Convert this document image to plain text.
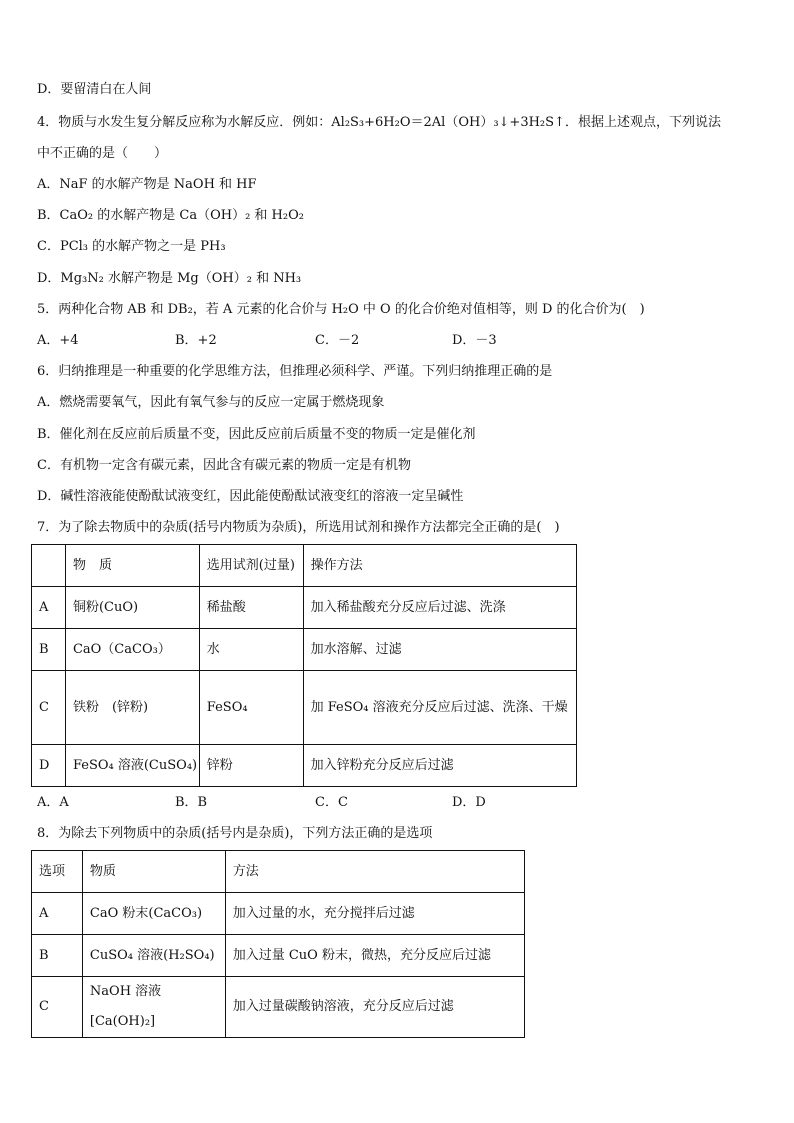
D．要留清白在人间
4．物质与水发生复分解反应称为水解反应．例如：Al₂S₃+6H₂O＝2Al（OH）₃↓+3H₂S↑．根据上述观点，下列说法
中不正确的是（　　）
A．NaF 的水解产物是 NaOH 和 HF
B．CaO₂ 的水解产物是 Ca（OH）₂ 和 H₂O₂
C．PCl₃ 的水解产物之一是 PH₃
D．Mg₃N₂ 水解产物是 Mg（OH）₂ 和 NH₃
5．两种化合物 AB 和 DB₂，若 A 元素的化合价与 H₂O 中 O 的化合价绝对值相等，则 D 的化合价为(　)
A．+4	B．+2	C．－2	D．－3
6．归纳推理是一种重要的化学思维方法，但推理必须科学、严谨。下列归纳推理正确的是
A．燃烧需要氧气，因此有氧气参与的反应一定属于燃烧现象
B．催化剂在反应前后质量不变，因此反应前后质量不变的物质一定是催化剂
C．有机物一定含有碳元素，因此含有碳元素的物质一定是有机物
D．碱性溶液能使酚酞试液变红，因此能使酚酞试液变红的溶液一定呈碱性
7．为了除去物质中的杂质(括号内物质为杂质)，所选用试剂和操作方法都完全正确的是(　)
	物　质	选用试剂(过量)	操作方法
A	铜粉(CuO)	稀盐酸	加入稀盐酸充分反应后过滤、洗涤
B	CaO（CaCO₃）	水	加水溶解、过滤
C	铁粉　(锌粉)	FeSO₄	加 FeSO₄ 溶液充分反应后过滤、洗涤、干燥
D	FeSO₄ 溶液(CuSO₄)	锌粉	加入锌粉充分反应后过滤
A．A	B．B	C．C	D．D
8．为除去下列物质中的杂质(括号内是杂质)，下列方法正确的是选项
选项	物质	方法
A	CaO 粉末(CaCO₃)	加入过量的水，充分搅拌后过滤
B	CuSO₄ 溶液(H₂SO₄)	加入过量 CuO 粉末，微热，充分反应后过滤
C	NaOH 溶液[Ca(OH)₂]	加入过量碳酸钠溶液，充分反应后过滤
